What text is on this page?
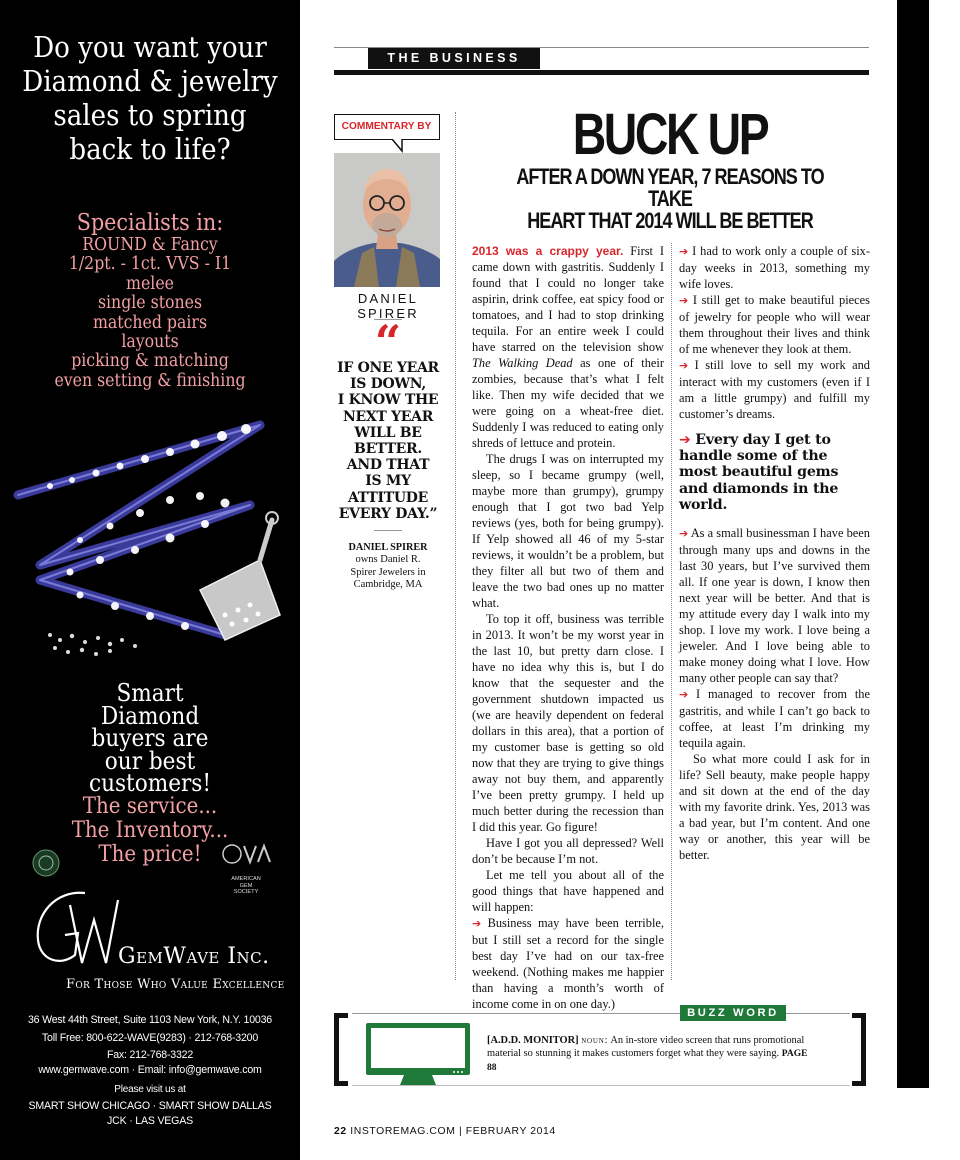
Do you want your
Diamond & jewelry
sales to spring
back to life?
Specialists in:
ROUND & Fancy
1/2pt. - 1ct. VVS - I1
melee
single stones
matched pairs
layouts
picking & matching
even setting & finishing
Smart
Diamond
buyers are
our best
customers!
The service...
The Inventory...
The price!
AMERICAN
GEM
SOCIETY
GemWave Inc.
For Those Who Value Excellence
36 West 44th Street, Suite 1103 New York, N.Y. 10036
Toll Free: 800-622-WAVE(9283) · 212-768-3200
Fax: 212-768-3322
www.gemwave.com · Email: info@gemwave.com
Please visit us at
SMART SHOW CHICAGO · SMART SHOW DALLAS
JCK · LAS VEGAS
THE BUSINESS
COMMENTARY BY
DANIEL SPIRER
“
IF ONE YEAR
IS DOWN,
I KNOW THE
NEXT YEAR
WILL BE
BETTER.
AND THAT
IS MY
ATTITUDE
EVERY DAY.”
DANIEL SPIRER
owns Daniel R.
Spirer Jewelers in
Cambridge, MA
BUCK UP
AFTER A DOWN YEAR, 7 REASONS TO TAKE
HEART THAT 2014 WILL BE BETTER

2013 was a crappy year. First I came down with gastritis. Suddenly I found that I could no longer take aspirin, drink coffee, eat spicy food or tomatoes, and I had to stop drinking tequila. For an entire week I could have starred on the television show The Walking Dead as one of their zombies, because that’s what I felt like. Then my wife decided that we were going on a wheat-free diet. Suddenly I was reduced to eating only shreds of lettuce and protein.

The drugs I was on interrupted my sleep, so I became grumpy (well, maybe more than grumpy), grumpy enough that I got two bad Yelp reviews (yes, both for being grumpy). If Yelp showed all 46 of my 5-star reviews, it wouldn’t be a problem, but they filter all but two of them and leave the two bad ones up no matter what.

To top it off, business was terrible in 2013. It won’t be my worst year in the last 10, but pretty darn close. I have no idea why this is, but I do know that the sequester and the government shutdown impacted us (we are heavily dependent on federal dollars in this area), that a portion of my customer base is getting so old now that they are trying to give things away not buy them, and apparently I’ve been pretty grumpy. I held up much better during the recession than I did this year. Go figure!

Have I got you all depressed? Well don’t be because I’m not.

Let me tell you about all of the good things that have happened and will happen:

➔ Business may have been terrible, but I still set a record for the single best day I’ve had on our tax-free weekend. (Nothing makes me happier than having a month’s worth of income come in on one day.)

➔ I had to work only a couple of six-day weeks in 2013, something my wife loves.

➔ I still get to make beautiful pieces of jewelry for people who will wear them throughout their lives and think of me whenever they look at them.

➔ I still love to sell my work and interact with my customers (even if I am a little grumpy) and fulfill my customer’s dreams.

➔ Every day I get to handle some of the most beautiful gems and diamonds in the world.

➔ As a small businessman I have been through many ups and downs in the last 30 years, but I’ve survived them all. If one year is down, I know then next year will be better. And that is my attitude every day I walk into my shop. I love my work. I love being a jeweler. And I love being able to make money doing what I love. How many other people can say that?

➔ I managed to recover from the gastritis, and while I can’t go back to coffee, at least I’m drinking my tequila again.

So what more could I ask for in life? Sell beauty, make people happy and sit down at the end of the day with my favorite drink. Yes, 2013 was a bad year, but I’m content. And one way or another, this year will be better.

BUZZ WORD
[A.D.D. MONITOR] noun: An in-store video screen that runs promotional material so stunning it makes customers forget what they were saying. PAGE 88
22 INSTOREMAG.COM | FEBRUARY 2014
